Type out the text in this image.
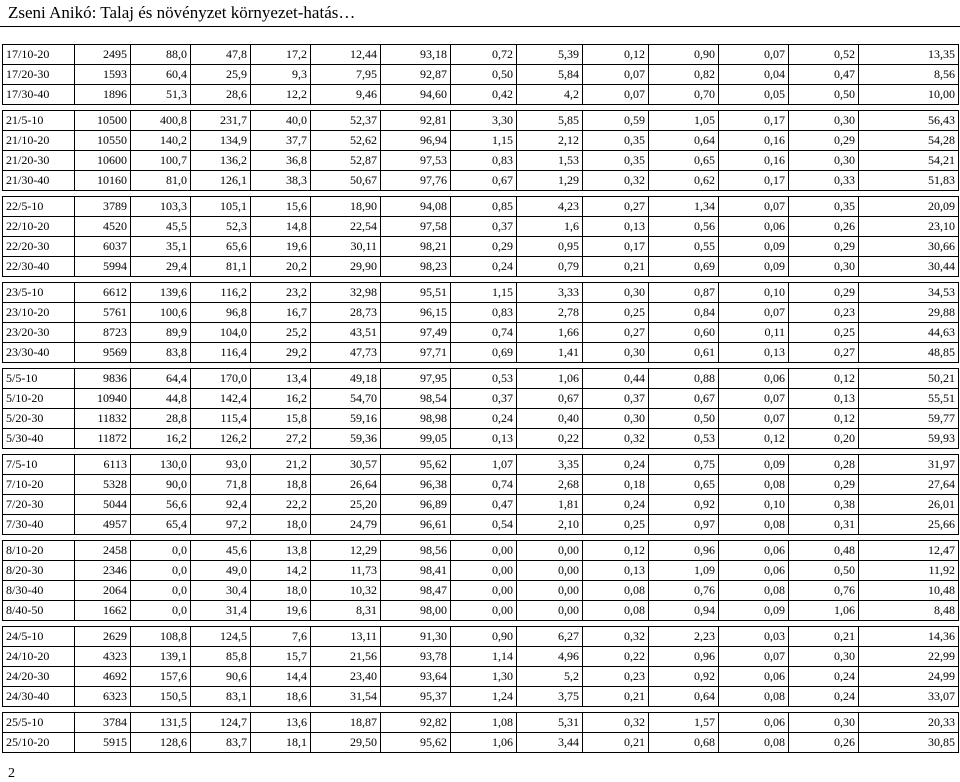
Zseni Anikó: Talaj és növényzet környezet-hatás…
17/10-20	2495	88,0	47,8	17,2	12,44	93,18	0,72	5,39	0,12	0,90	0,07	0,52	13,35
17/20-30	1593	60,4	25,9	9,3	7,95	92,87	0,50	5,84	0,07	0,82	0,04	0,47	8,56
17/30-40	1896	51,3	28,6	12,2	9,46	94,60	0,42	4,2	0,07	0,70	0,05	0,50	10,00

21/5-10	10500	400,8	231,7	40,0	52,37	92,81	3,30	5,85	0,59	1,05	0,17	0,30	56,43
21/10-20	10550	140,2	134,9	37,7	52,62	96,94	1,15	2,12	0,35	0,64	0,16	0,29	54,28
21/20-30	10600	100,7	136,2	36,8	52,87	97,53	0,83	1,53	0,35	0,65	0,16	0,30	54,21
21/30-40	10160	81,0	126,1	38,3	50,67	97,76	0,67	1,29	0,32	0,62	0,17	0,33	51,83

22/5-10	3789	103,3	105,1	15,6	18,90	94,08	0,85	4,23	0,27	1,34	0,07	0,35	20,09
22/10-20	4520	45,5	52,3	14,8	22,54	97,58	0,37	1,6	0,13	0,56	0,06	0,26	23,10
22/20-30	6037	35,1	65,6	19,6	30,11	98,21	0,29	0,95	0,17	0,55	0,09	0,29	30,66
22/30-40	5994	29,4	81,1	20,2	29,90	98,23	0,24	0,79	0,21	0,69	0,09	0,30	30,44

23/5-10	6612	139,6	116,2	23,2	32,98	95,51	1,15	3,33	0,30	0,87	0,10	0,29	34,53
23/10-20	5761	100,6	96,8	16,7	28,73	96,15	0,83	2,78	0,25	0,84	0,07	0,23	29,88
23/20-30	8723	89,9	104,0	25,2	43,51	97,49	0,74	1,66	0,27	0,60	0,11	0,25	44,63
23/30-40	9569	83,8	116,4	29,2	47,73	97,71	0,69	1,41	0,30	0,61	0,13	0,27	48,85

5/5-10	9836	64,4	170,0	13,4	49,18	97,95	0,53	1,06	0,44	0,88	0,06	0,12	50,21
5/10-20	10940	44,8	142,4	16,2	54,70	98,54	0,37	0,67	0,37	0,67	0,07	0,13	55,51
5/20-30	11832	28,8	115,4	15,8	59,16	98,98	0,24	0,40	0,30	0,50	0,07	0,12	59,77
5/30-40	11872	16,2	126,2	27,2	59,36	99,05	0,13	0,22	0,32	0,53	0,12	0,20	59,93

7/5-10	6113	130,0	93,0	21,2	30,57	95,62	1,07	3,35	0,24	0,75	0,09	0,28	31,97
7/10-20	5328	90,0	71,8	18,8	26,64	96,38	0,74	2,68	0,18	0,65	0,08	0,29	27,64
7/20-30	5044	56,6	92,4	22,2	25,20	96,89	0,47	1,81	0,24	0,92	0,10	0,38	26,01
7/30-40	4957	65,4	97,2	18,0	24,79	96,61	0,54	2,10	0,25	0,97	0,08	0,31	25,66

8/10-20	2458	0,0	45,6	13,8	12,29	98,56	0,00	0,00	0,12	0,96	0,06	0,48	12,47
8/20-30	2346	0,0	49,0	14,2	11,73	98,41	0,00	0,00	0,13	1,09	0,06	0,50	11,92
8/30-40	2064	0,0	30,4	18,0	10,32	98,47	0,00	0,00	0,08	0,76	0,08	0,76	10,48
8/40-50	1662	0,0	31,4	19,6	8,31	98,00	0,00	0,00	0,08	0,94	0,09	1,06	8,48

24/5-10	2629	108,8	124,5	7,6	13,11	91,30	0,90	6,27	0,32	2,23	0,03	0,21	14,36
24/10-20	4323	139,1	85,8	15,7	21,56	93,78	1,14	4,96	0,22	0,96	0,07	0,30	22,99
24/20-30	4692	157,6	90,6	14,4	23,40	93,64	1,30	5,2	0,23	0,92	0,06	0,24	24,99
24/30-40	6323	150,5	83,1	18,6	31,54	95,37	1,24	3,75	0,21	0,64	0,08	0,24	33,07

25/5-10	3784	131,5	124,7	13,6	18,87	92,82	1,08	5,31	0,32	1,57	0,06	0,30	20,33
25/10-20	5915	128,6	83,7	18,1	29,50	95,62	1,06	3,44	0,21	0,68	0,08	0,26	30,85
2
